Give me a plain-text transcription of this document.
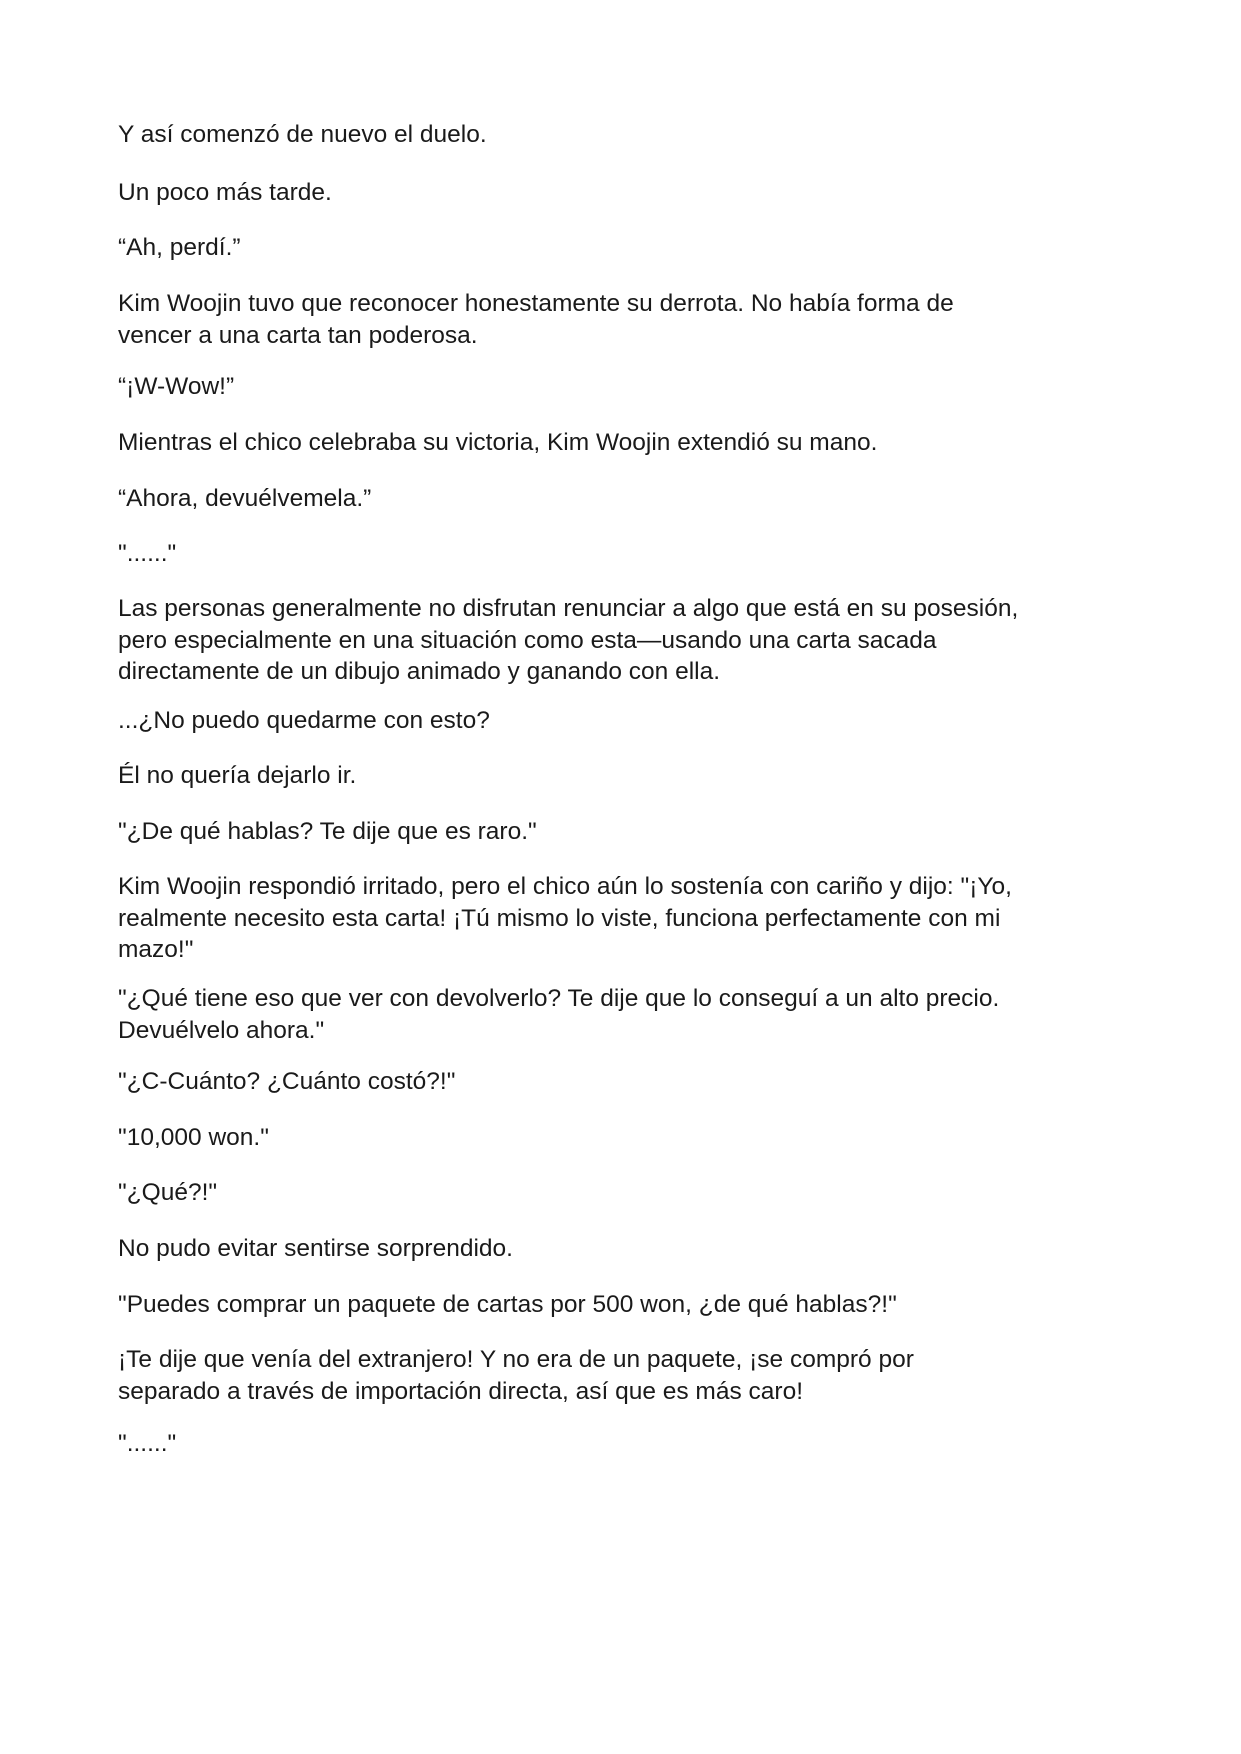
Y así comenzó de nuevo el duelo.

Un poco más tarde.

“Ah, perdí.”

Kim Woojin tuvo que reconocer honestamente su derrota. No había forma de
vencer a una carta tan poderosa.

“¡W-Wow!”

Mientras el chico celebraba su victoria, Kim Woojin extendió su mano.

“Ahora, devuélvemela.”

"......"

Las personas generalmente no disfrutan renunciar a algo que está en su posesión,
pero especialmente en una situación como esta—usando una carta sacada
directamente de un dibujo animado y ganando con ella.

...¿No puedo quedarme con esto?

Él no quería dejarlo ir.

"¿De qué hablas? Te dije que es raro."

Kim Woojin respondió irritado, pero el chico aún lo sostenía con cariño y dijo: "¡Yo,
realmente necesito esta carta! ¡Tú mismo lo viste, funciona perfectamente con mi
mazo!"

"¿Qué tiene eso que ver con devolverlo? Te dije que lo conseguí a un alto precio.
Devuélvelo ahora."

"¿C-Cuánto? ¿Cuánto costó?!"

"10,000 won."

"¿Qué?!"

No pudo evitar sentirse sorprendido.

"Puedes comprar un paquete de cartas por 500 won, ¿de qué hablas?!"

¡Te dije que venía del extranjero! Y no era de un paquete, ¡se compró por
separado a través de importación directa, así que es más caro!

"......"
